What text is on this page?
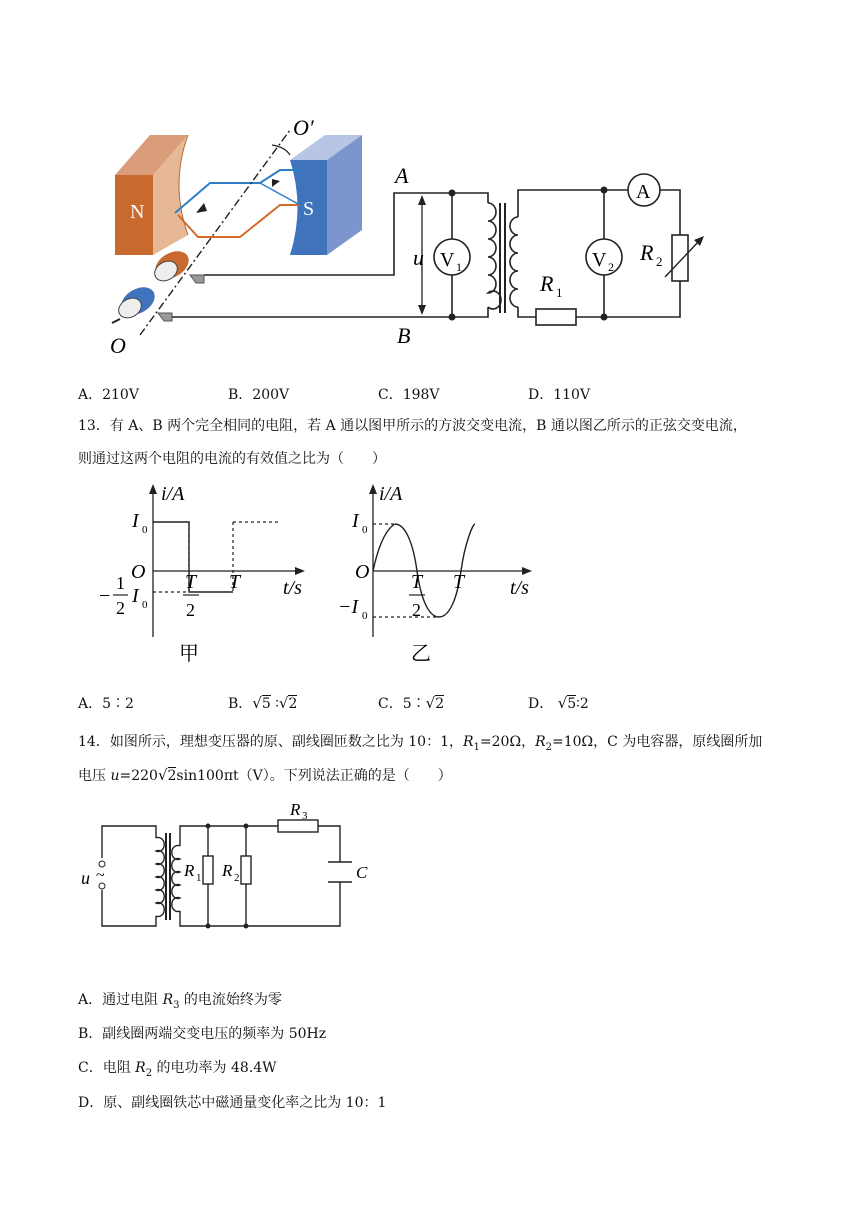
N	S
O′
O
A
B
u V 1
R 1
V 2
A
R 2
A．210V	B．200V	C．198V	D．110V
13．有 A、B 两个完全相同的电阻，若 A 通以图甲所示的方波交变电流，B 通以图乙所示的正弦交变电流，
则通过这两个电阻的电流的有效值之比为（　　）
i/A
t/s
O
I 0
−
1
2
I 0
T
2
T
甲
i/A
t/s
O
I 0
−I 0
T
2
T
乙
A．5∶2	B．√5 ∶√2	C．5∶√2	D． √5∶2
14．如图所示，理想变压器的原、副线圈匝数之比为 10：1，$R_1=20\Omega$，$R_2=10\Omega$，C 为电容器，原线圈所加
电压 u=220√2sin100πt（V）。下列说法正确的是（　　）
u ~	R 1 R 2
R 3
C
A．通过电阻 $R_3$ 的电流始终为零
B．副线圈两端交变电压的频率为 50Hz
C．电阻 $R_2$ 的电功率为 48.4W
D．原、副线圈铁芯中磁通量变化率之比为 10：1
